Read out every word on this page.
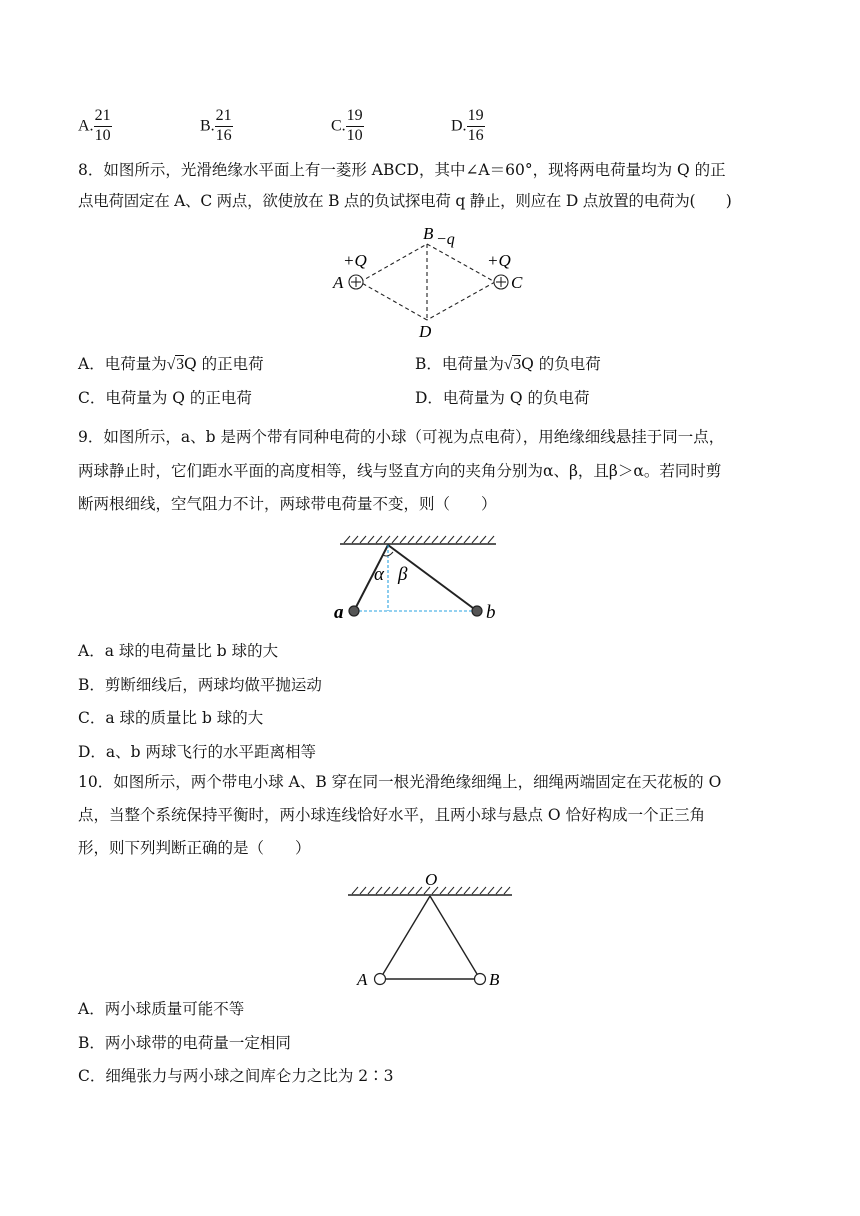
A. $\frac{21}{10}$	B. $\frac{21}{16}$	C. $\frac{19}{10}$	D. $\frac{19}{16}$
8．如图所示，光滑绝缘水平面上有一菱形 ABCD，其中∠A＝60°，现将两电荷量均为 Q 的正
点电荷固定在 A、C 两点，欲使放在 B 点的负试探电荷 q 静止，则应在 D 点放置的电荷为(　　)
B −q
+Q
A
+Q
C
D
A．电荷量为√3Q 的正电荷	B．电荷量为√3Q 的负电荷
C．电荷量为 Q 的正电荷	D．电荷量为 Q 的负电荷
9．如图所示，a、b 是两个带有同种电荷的小球（可视为点电荷），用绝缘细线悬挂于同一点，
两球静止时，它们距水平面的高度相等，线与竖直方向的夹角分别为α、β，且β＞α。若同时剪
断两根细线，空气阻力不计，两球带电荷量不变，则（　　）
α β
a	b
A．a 球的电荷量比 b 球的大
B．剪断细线后，两球均做平抛运动
C．a 球的质量比 b 球的大
D．a、b 两球飞行的水平距离相等
10．如图所示，两个带电小球 A、B 穿在同一根光滑绝缘细绳上，细绳两端固定在天花板的 O
点，当整个系统保持平衡时，两小球连线恰好水平，且两小球与悬点 O 恰好构成一个正三角
形，则下列判断正确的是（　　）
O
A	B
A．两小球质量可能不等
B．两小球带的电荷量一定相同
C．细绳张力与两小球之间库仑力之比为 2∶3
